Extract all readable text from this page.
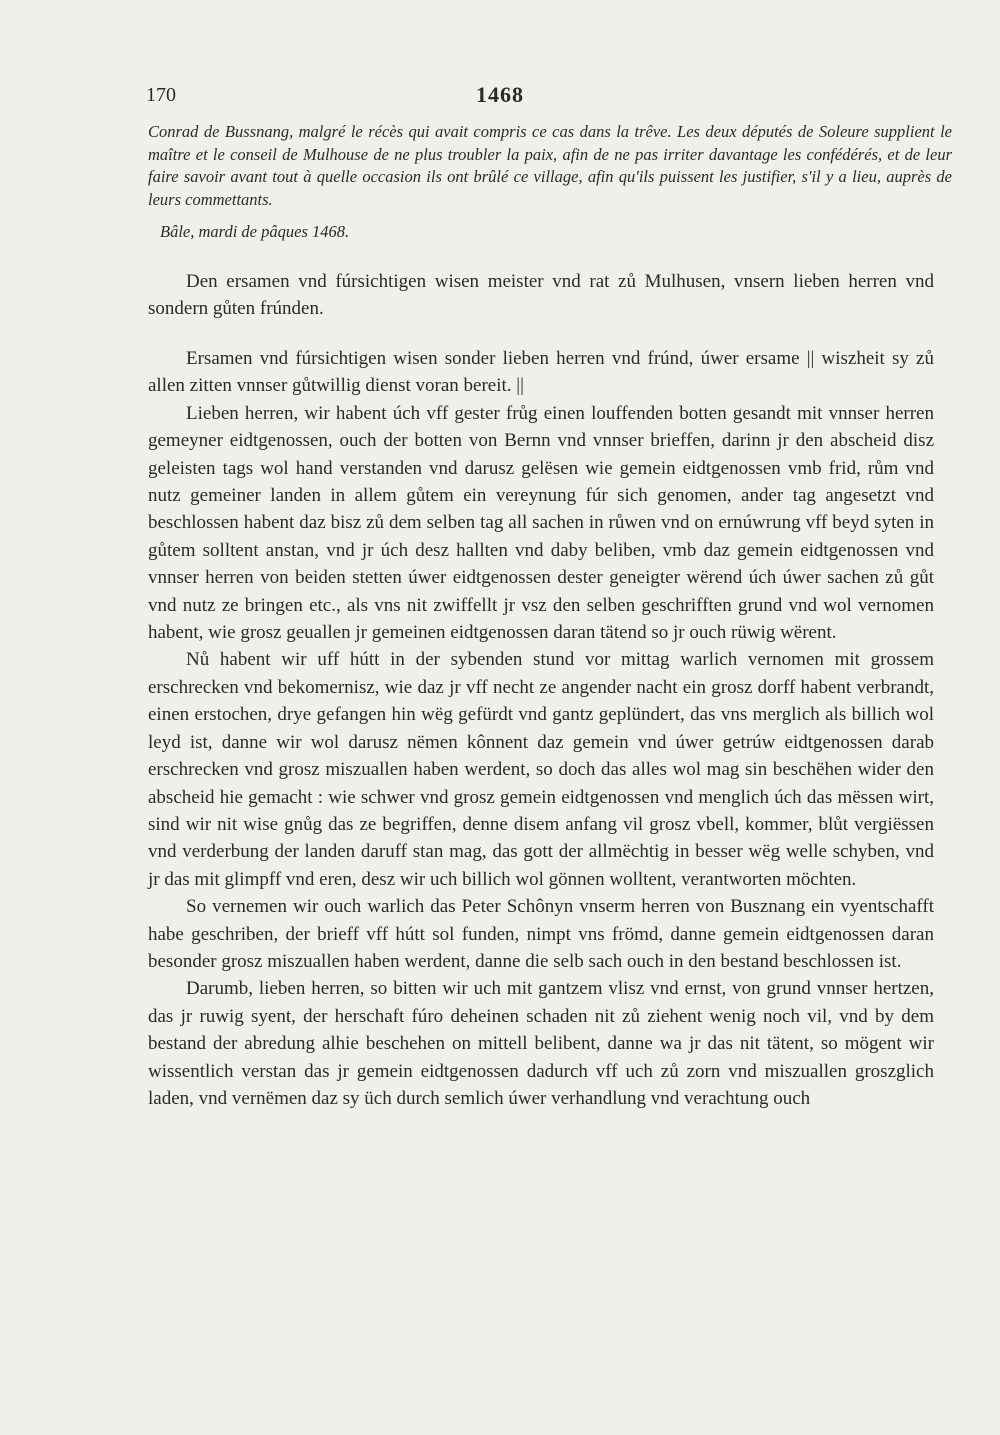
170	1468

Conrad de Bussnang, malgré le récès qui avait compris ce cas dans la trêve. Les deux députés de Soleure supplient le maître et le conseil de Mulhouse de ne plus troubler la paix, afin de ne pas irriter davantage les confédérés, et de leur faire savoir avant tout à quelle occasion ils ont brûlé ce village, afin qu'ils puissent les justifier, s'il y a lieu, auprès de leurs commettants.

Bâle, mardi de pâques 1468.

Den ersamen vnd fúrsichtigen wisen meister vnd rat zů Mulhusen, vnsern lieben herren vnd sondern gůten frúnden.

Ersamen vnd fúrsichtigen wisen sonder lieben herren vnd frúnd, úwer ersame || wiszheit sy zů allen zitten vnnser gůtwillig dienst voran bereit. ||

Lieben herren, wir habent úch vff gester frůg einen louffenden botten gesandt mit vnnser herren gemeyner eidtgenossen, ouch der botten von Bernn vnd vnnser brieffen, darinn jr den abscheid disz geleisten tags wol hand verstanden vnd darusz gelësen wie gemein eidtgenossen vmb frid, rům vnd nutz gemeiner landen in allem gůtem ein vereynung fúr sich genomen, ander tag angesetzt vnd beschlossen habent daz bisz zů dem selben tag all sachen in růwen vnd on ernúwrung vff beyd syten in gůtem solltent anstan, vnd jr úch desz hallten vnd daby beliben, vmb daz gemein eidtgenossen vnd vnnser herren von beiden stetten úwer eidtgenossen dester geneigter wërend úch úwer sachen zů gůt vnd nutz ze bringen etc., als vns nit zwiffellt jr vsz den selben geschrifften grund vnd wol vernomen habent, wie grosz geuallen jr gemeinen eidtgenossen daran tätend so jr ouch rüwig wërent.

Nů habent wir uff hútt in der sybenden stund vor mittag warlich vernomen mit grossem erschrecken vnd bekomernisz, wie daz jr vff necht ze angender nacht ein grosz dorff habent verbrandt, einen erstochen, drye gefangen hin wëg gefürdt vnd gantz geplündert, das vns merglich als billich wol leyd ist, danne wir wol darusz nëmen kônnent daz gemein vnd úwer getrúw eidtgenossen darab erschrecken vnd grosz miszuallen haben werdent, so doch das alles wol mag sin beschëhen wider den abscheid hie gemacht : wie schwer vnd grosz gemein eidtgenossen vnd menglich úch das mëssen wirt, sind wir nit wise gnůg das ze begriffen, denne disem anfang vil grosz vbell, kommer, blůt vergiëssen vnd verderbung der landen daruff stan mag, das gott der allmëchtig in besser wëg welle schyben, vnd jr das mit glimpff vnd eren, desz wir uch billich wol gönnen wolltent, verantworten möchten.

So vernemen wir ouch warlich das Peter Schônyn vnserm herren von Busznang ein vyentschafft habe geschriben, der brieff vff hútt sol funden, nimpt vns frömd, danne gemein eidtgenossen daran besonder grosz miszuallen haben werdent, danne die selb sach ouch in den bestand beschlossen ist.

Darumb, lieben herren, so bitten wir uch mit gantzem vlisz vnd ernst, von grund vnnser hertzen, das jr ruwig syent, der herschaft fúro deheinen schaden nit zů ziehent wenig noch vil, vnd by dem bestand der abredung alhie beschehen on mittell belibent, danne wa jr das nit tätent, so mögent wir wissentlich verstan das jr gemein eidtgenossen dadurch vff uch zů zorn vnd miszuallen groszglich laden, vnd vernëmen daz sy üch durch semlich úwer verhandlung vnd verachtung ouch
